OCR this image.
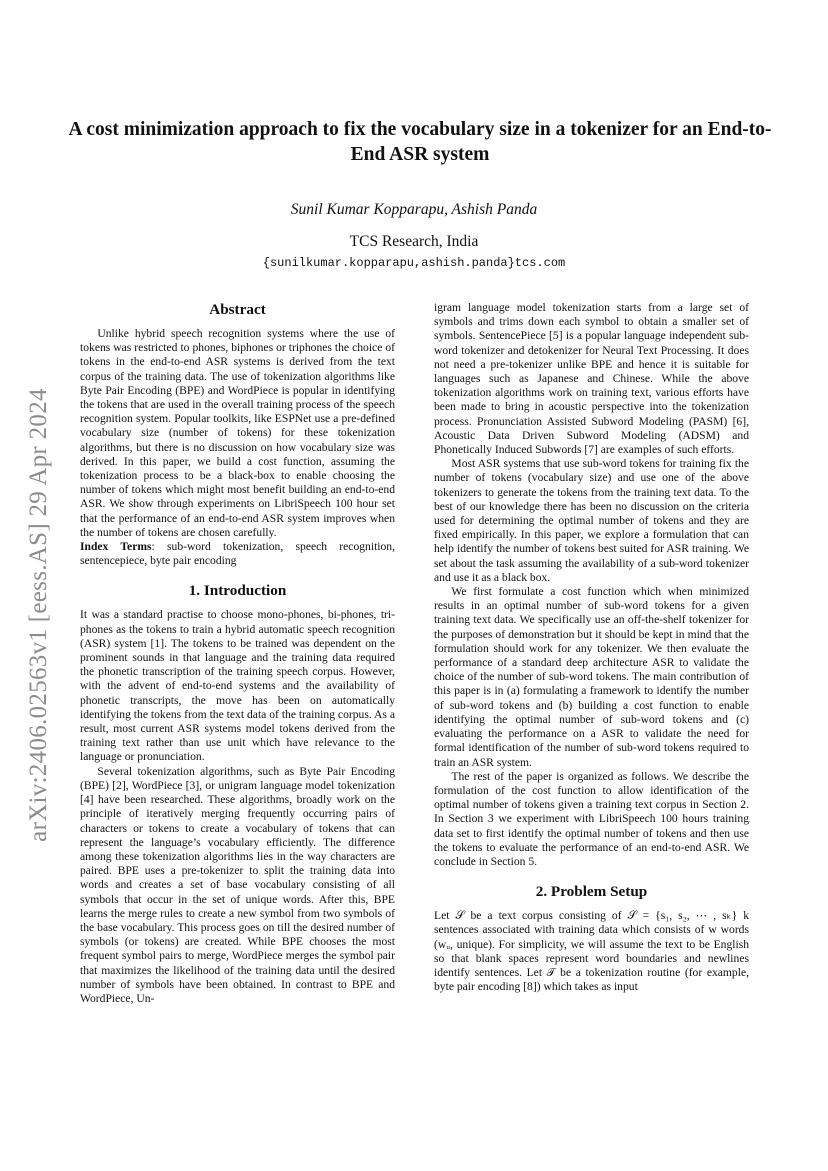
arXiv:2406.02563v1 [eess.AS] 29 Apr 2024
A cost minimization approach to fix the vocabulary size in a tokenizer for an End-to-End ASR system
Sunil Kumar Kopparapu, Ashish Panda
TCS Research, India
{sunilkumar.kopparapu,ashish.panda}tcs.com
Abstract

Unlike hybrid speech recognition systems where the use of tokens was restricted to phones, biphones or triphones the choice of tokens in the end-to-end ASR systems is derived from the text corpus of the training data. The use of tokenization algorithms like Byte Pair Encoding (BPE) and WordPiece is popular in identifying the tokens that are used in the overall training process of the speech recognition system. Popular toolkits, like ESPNet use a pre-defined vocabulary size (number of tokens) for these tokenization algorithms, but there is no discussion on how vocabulary size was derived. In this paper, we build a cost function, assuming the tokenization process to be a black-box to enable choosing the number of tokens which might most benefit building an end-to-end ASR. We show through experiments on LibriSpeech 100 hour set that the performance of an end-to-end ASR system improves when the number of tokens are chosen carefully.

Index Terms: sub-word tokenization, speech recognition, sentencepiece, byte pair encoding

1. Introduction

It was a standard practise to choose mono-phones, bi-phones, tri-phones as the tokens to train a hybrid automatic speech recognition (ASR) system [1]. The tokens to be trained was dependent on the prominent sounds in that language and the training data required the phonetic transcription of the training speech corpus. However, with the advent of end-to-end systems and the availability of phonetic transcripts, the move has been on automatically identifying the tokens from the text data of the training corpus. As a result, most current ASR systems model tokens derived from the training text rather than use unit which have relevance to the language or pronunciation.

Several tokenization algorithms, such as Byte Pair Encoding (BPE) [2], WordPiece [3], or unigram language model tokenization [4] have been researched. These algorithms, broadly work on the principle of iteratively merging frequently occurring pairs of characters or tokens to create a vocabulary of tokens that can represent the language’s vocabulary efficiently. The difference among these tokenization algorithms lies in the way characters are paired. BPE uses a pre-tokenizer to split the training data into words and creates a set of base vocabulary consisting of all symbols that occur in the set of unique words. After this, BPE learns the merge rules to create a new symbol from two symbols of the base vocabulary. This process goes on till the desired number of symbols (or tokens) are created. While BPE chooses the most frequent symbol pairs to merge, WordPiece merges the symbol pair that maximizes the likelihood of the training data until the desired number of symbols have been obtained. In contrast to BPE and WordPiece, Un-

igram language model tokenization starts from a large set of symbols and trims down each symbol to obtain a smaller set of symbols. SentencePiece [5] is a popular language independent sub-word tokenizer and detokenizer for Neural Text Processing. It does not need a pre-tokenizer unlike BPE and hence it is suitable for languages such as Japanese and Chinese. While the above tokenization algorithms work on training text, various efforts have been made to bring in acoustic perspective into the tokenization process. Pronunciation Assisted Subword Modeling (PASM) [6], Acoustic Data Driven Subword Modeling (ADSM) and Phonetically Induced Subwords [7] are examples of such efforts.

Most ASR systems that use sub-word tokens for training fix the number of tokens (vocabulary size) and use one of the above tokenizers to generate the tokens from the training text data. To the best of our knowledge there has been no discussion on the criteria used for determining the optimal number of tokens and they are fixed empirically. In this paper, we explore a formulation that can help identify the number of tokens best suited for ASR training. We set about the task assuming the availability of a sub-word tokenizer and use it as a black box.

We first formulate a cost function which when minimized results in an optimal number of sub-word tokens for a given training text data. We specifically use an off-the-shelf tokenizer for the purposes of demonstration but it should be kept in mind that the formulation should work for any tokenizer. We then evaluate the performance of a standard deep architecture ASR to validate the choice of the number of sub-word tokens. The main contribution of this paper is in (a) formulating a framework to identify the number of sub-word tokens and (b) building a cost function to enable identifying the optimal number of sub-word tokens and (c) evaluating the performance on a ASR to validate the need for formal identification of the number of sub-word tokens required to train an ASR system.

The rest of the paper is organized as follows. We describe the formulation of the cost function to allow identification of the optimal number of tokens given a training text corpus in Section 2. In Section 3 we experiment with LibriSpeech 100 hours training data set to first identify the optimal number of tokens and then use the tokens to evaluate the performance of an end-to-end ASR. We conclude in Section 5.

2. Problem Setup

Let 𝒮 be a text corpus consisting of 𝒮 = {s₁, s₂, ⋯ , sₖ} k sentences associated with training data which consists of w words (wᵤ, unique). For simplicity, we will assume the text to be English so that blank spaces represent word boundaries and newlines identify sentences. Let 𝒯 be a tokenization routine (for example, byte pair encoding [8]) which takes as input
